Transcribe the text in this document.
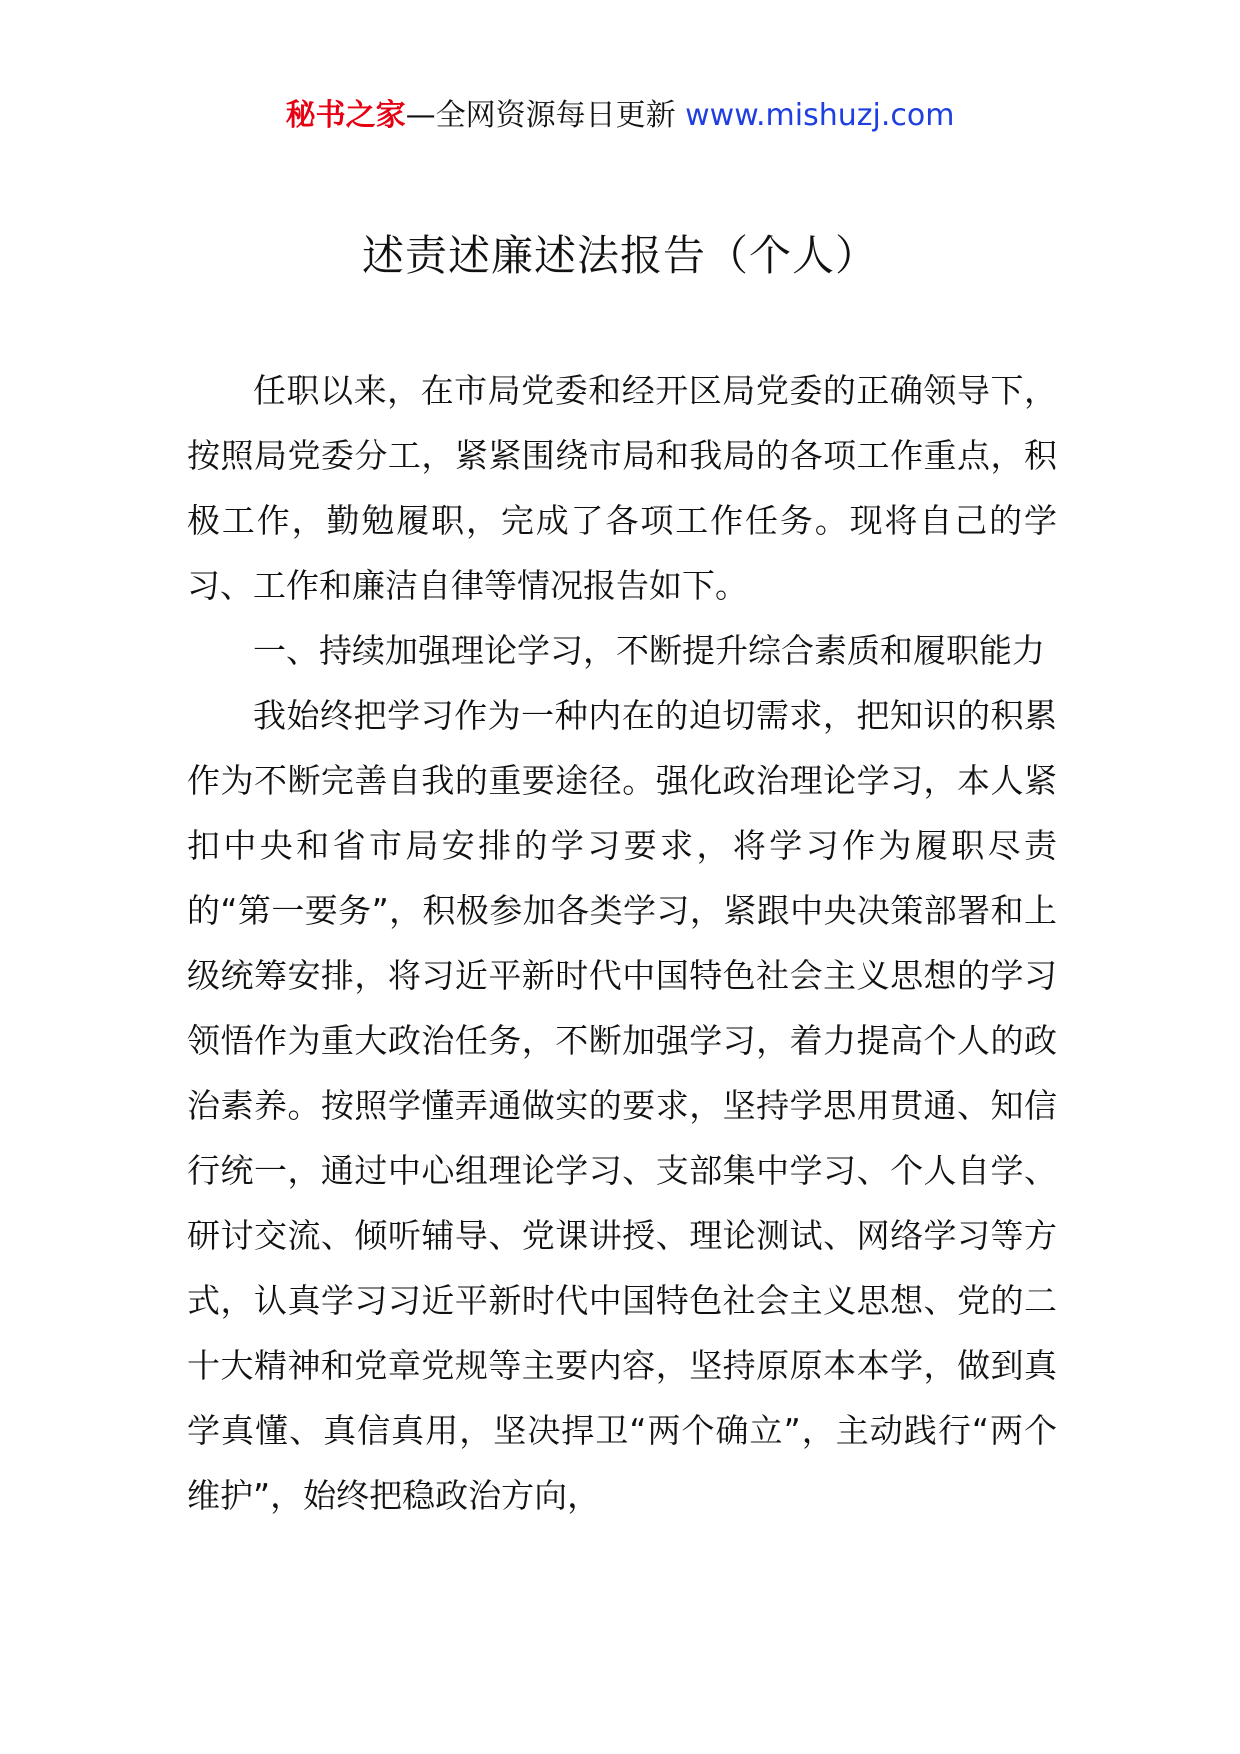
秘书之家—全网资源每日更新 www.mishuzj.com
述责述廉述法报告（个人）

任职以来，在市局党委和经开区局党委的正确领导下，按照局党委分工，紧紧围绕市局和我局的各项工作重点，积极工作，勤勉履职，完成了各项工作任务。现将自己的学习、工作和廉洁自律等情况报告如下。

一、持续加强理论学习，不断提升综合素质和履职能力

我始终把学习作为一种内在的迫切需求，把知识的积累作为不断完善自我的重要途径。强化政治理论学习，本人紧扣中央和省市局安排的学习要求，将学习作为履职尽责的“第一要务”，积极参加各类学习，紧跟中央决策部署和上级统筹安排，将习近平新时代中国特色社会主义思想的学习领悟作为重大政治任务，不断加强学习，着力提高个人的政治素养。按照学懂弄通做实的要求，坚持学思用贯通、知信行统一，通过中心组理论学习、支部集中学习、个人自学、研讨交流、倾听辅导、党课讲授、理论测试、网络学习等方式，认真学习习近平新时代中国特色社会主义思想、党的二十大精神和党章党规等主要内容，坚持原原本本学，做到真学真懂、真信真用，坚决捍卫“两个确立”，主动践行“两个维护”，始终把稳政治方向，
